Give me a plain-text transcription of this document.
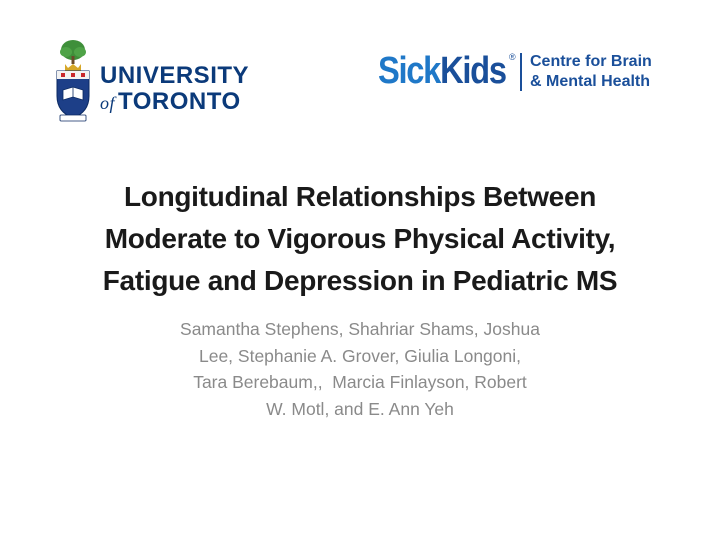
UNIVERSITY
of TORONTO
SickKids ® Centre for Brain
& Mental Health
Longitudinal Relationships Between
Moderate to Vigorous Physical Activity,
Fatigue and Depression in Pediatric MS
Samantha Stephens, Shahriar Shams, Joshua
Lee, Stephanie A. Grover, Giulia Longoni,
Tara Berebaum,,  Marcia Finlayson, Robert
W. Motl, and E. Ann Yeh
